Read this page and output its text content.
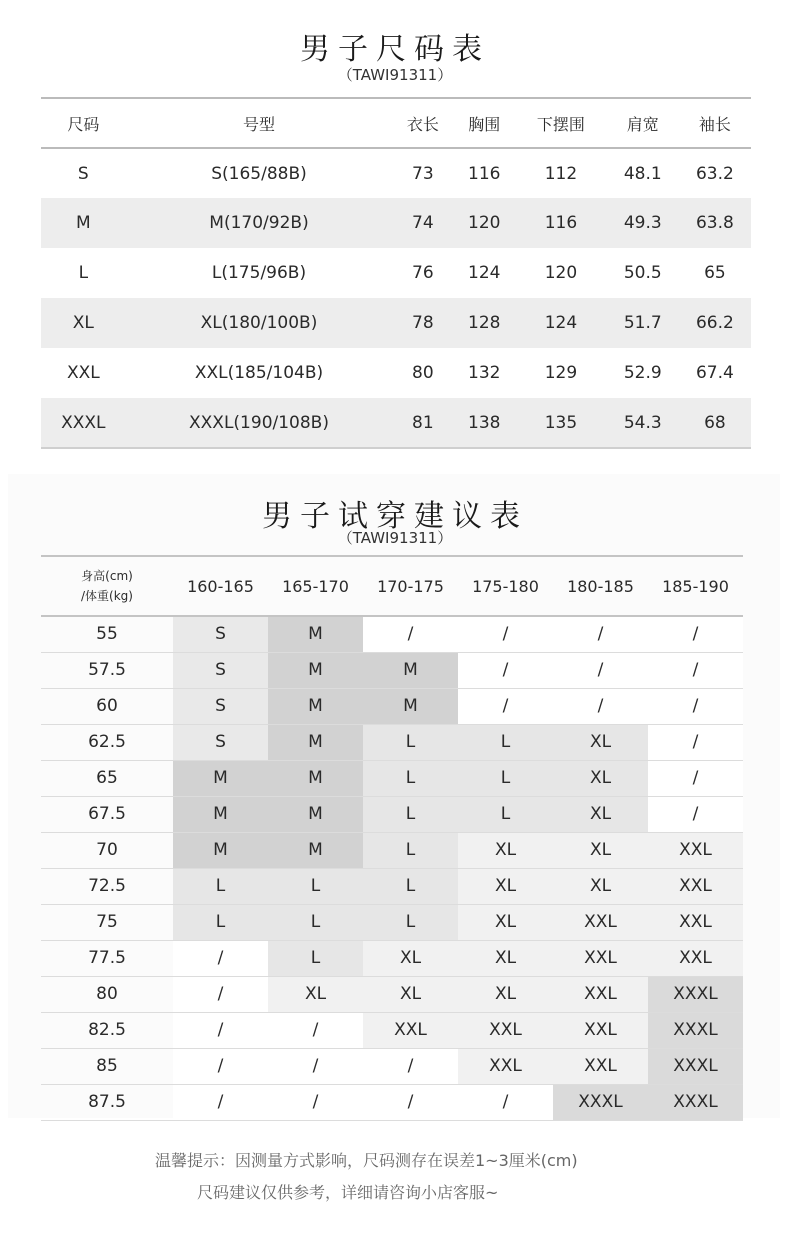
男子尺码表
（TAWI91311）
尺码	号型	衣长	胸围	下摆围	肩宽	袖长
S	S(165/88B)	73	116	112	48.1	63.2
M	M(170/92B)	74	120	116	49.3	63.8
L	L(175/96B)	76	124	120	50.5	65
XL	XL(180/100B)	78	128	124	51.7	66.2
XXL	XXL(185/104B)	80	132	129	52.9	67.4
XXXL	XXXL(190/108B)	81	138	135	54.3	68
男子试穿建议表
（TAWI91311）
身高(cm)
/体重(kg)	160-165	165-170	170-175	175-180	180-185	185-190
55	S	M	/	/	/	/
57.5	S	M	M	/	/	/
60	S	M	M	/	/	/
62.5	S	M	L	L	XL	/
65	M	M	L	L	XL	/
67.5	M	M	L	L	XL	/
70	M	M	L	XL	XL	XXL
72.5	L	L	L	XL	XL	XXL
75	L	L	L	XL	XXL	XXL
77.5	/	L	XL	XL	XXL	XXL
80	/	XL	XL	XL	XXL	XXXL
82.5	/	/	XXL	XXL	XXL	XXXL
85	/	/	/	XXL	XXL	XXXL
87.5	/	/	/	/	XXXL	XXXL
温馨提示：因测量方式影响，尺码测存在误差1~3厘米(cm)
尺码建议仅供参考，详细请咨询小店客服~
